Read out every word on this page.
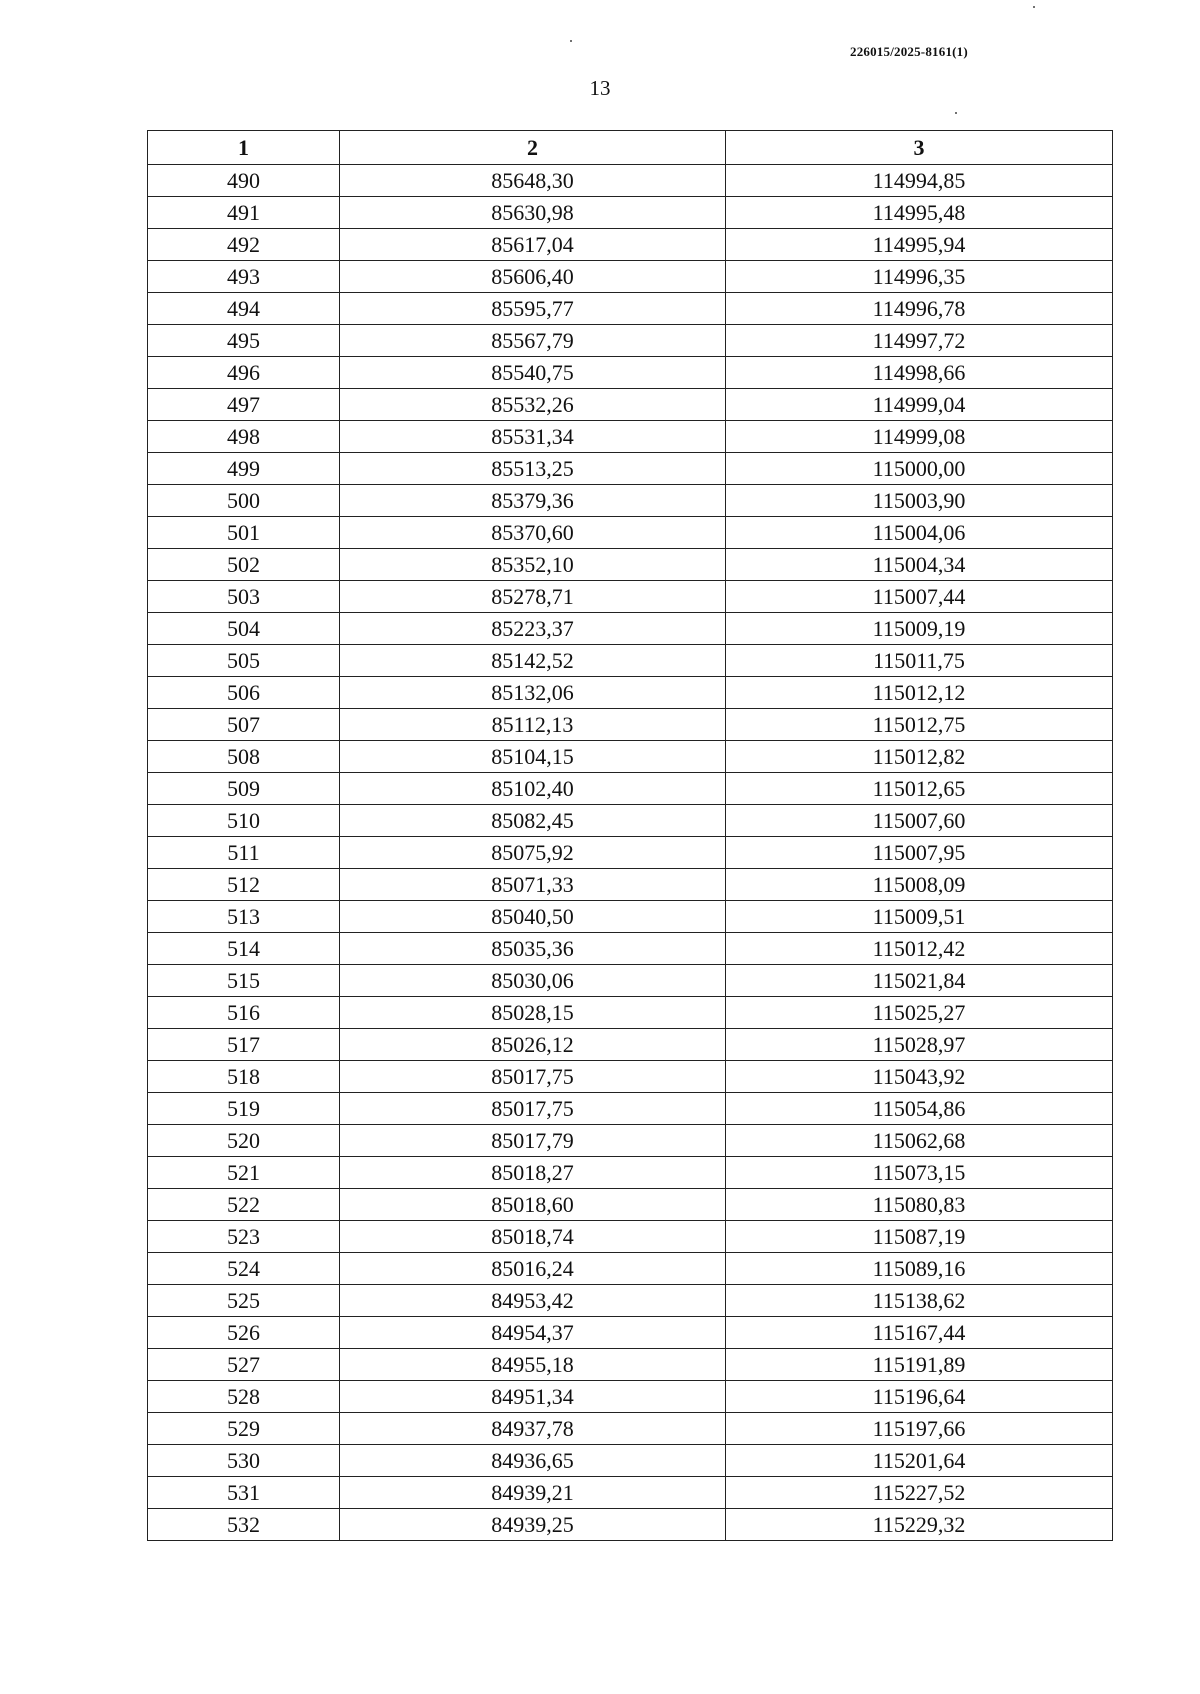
226015/2025-8161(1)
13
1	2	3
490	85648,30	114994,85
491	85630,98	114995,48
492	85617,04	114995,94
493	85606,40	114996,35
494	85595,77	114996,78
495	85567,79	114997,72
496	85540,75	114998,66
497	85532,26	114999,04
498	85531,34	114999,08
499	85513,25	115000,00
500	85379,36	115003,90
501	85370,60	115004,06
502	85352,10	115004,34
503	85278,71	115007,44
504	85223,37	115009,19
505	85142,52	115011,75
506	85132,06	115012,12
507	85112,13	115012,75
508	85104,15	115012,82
509	85102,40	115012,65
510	85082,45	115007,60
511	85075,92	115007,95
512	85071,33	115008,09
513	85040,50	115009,51
514	85035,36	115012,42
515	85030,06	115021,84
516	85028,15	115025,27
517	85026,12	115028,97
518	85017,75	115043,92
519	85017,75	115054,86
520	85017,79	115062,68
521	85018,27	115073,15
522	85018,60	115080,83
523	85018,74	115087,19
524	85016,24	115089,16
525	84953,42	115138,62
526	84954,37	115167,44
527	84955,18	115191,89
528	84951,34	115196,64
529	84937,78	115197,66
530	84936,65	115201,64
531	84939,21	115227,52
532	84939,25	115229,32
